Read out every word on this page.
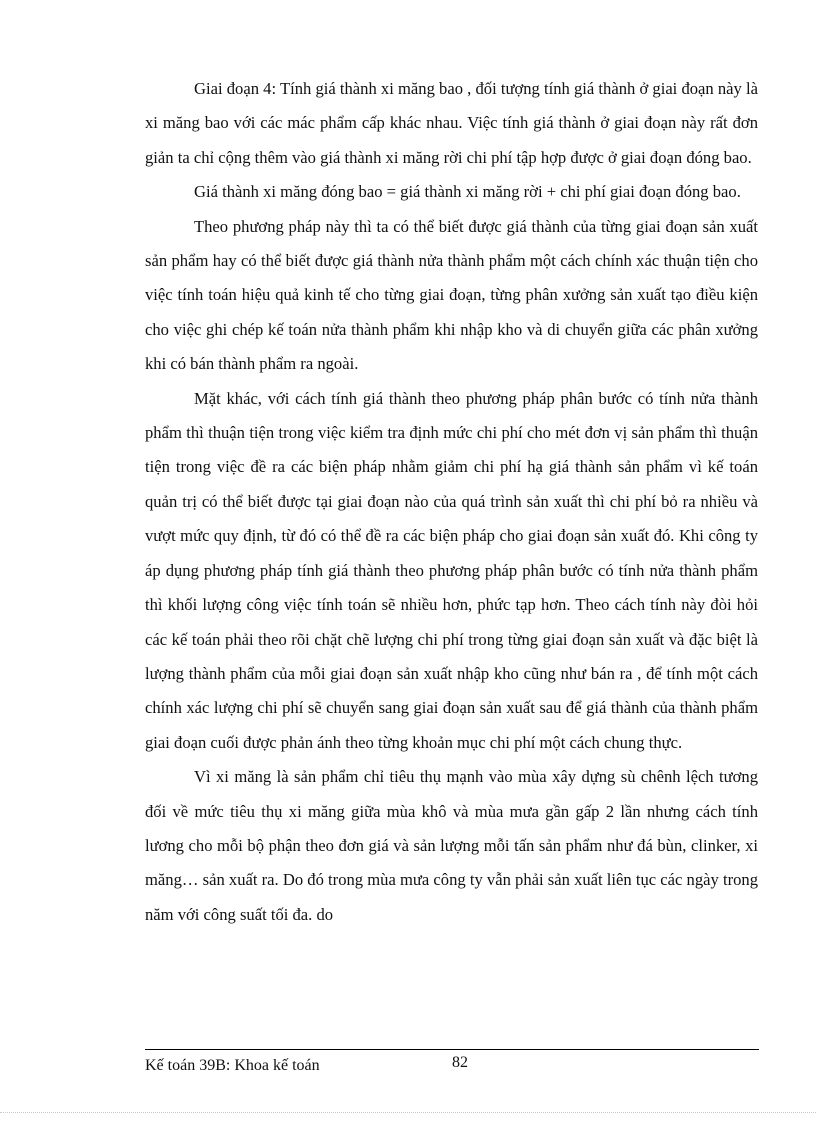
Giai đoạn 4: Tính giá thành xi măng bao , đối tượng tính giá thành ở giai đoạn này là xi măng bao với các mác phẩm cấp khác nhau. Việc tính giá thành ở giai đoạn này rất đơn giản ta chỉ cộng thêm vào giá thành xi măng rời chi phí tập hợp được ở giai đoạn đóng bao.

Giá thành xi măng đóng bao = giá thành xi măng rời + chi phí giai đoạn đóng bao.

Theo phương pháp này thì ta có thể biết được giá thành của từng giai đoạn sản xuất sản phẩm hay có thể biết được giá thành nửa thành phẩm một cách chính xác thuận tiện cho việc tính toán hiệu quả kinh tế cho từng giai đoạn, từng phân xưởng sản xuất tạo điều kiện cho việc ghi chép kế toán nửa thành phẩm khi nhập kho và di chuyển giữa các phân xưởng khi có bán thành phẩm ra ngoài.

Mặt khác, với cách tính giá thành theo phương pháp phân bước có tính nửa thành phẩm thì thuận tiện trong việc kiểm tra định mức chi phí cho mét đơn vị sản phẩm thì thuận tiện trong việc đề ra các biện pháp nhằm giảm chi phí hạ giá thành sản phẩm vì kế toán quản trị có thể biết được tại giai đoạn nào của quá trình sản xuất thì chi phí bỏ ra nhiều và vượt mức quy định, từ đó có thể đề ra các biện pháp cho giai đoạn sản xuất đó. Khi công ty áp dụng phương pháp tính giá thành theo phương pháp phân bước có tính nửa thành phẩm thì khối lượng công việc tính toán sẽ nhiều hơn, phức tạp hơn. Theo cách tính này đòi hỏi các kế toán phải theo rõi chặt chẽ lượng chi phí trong từng giai đoạn sản xuất và đặc biệt là lượng thành phẩm của mỗi giai đoạn sản xuất nhập kho cũng như bán ra , để tính một cách chính xác lượng chi phí sẽ chuyển sang giai đoạn sản xuất sau để giá thành của thành phẩm giai đoạn cuối được phản ánh theo từng khoản mục chi phí một cách chung thực.

Vì xi măng là sản phẩm chỉ tiêu thụ mạnh vào mùa xây dựng sù chênh lệch tương đối về mức tiêu thụ xi măng giữa mùa khô và mùa mưa gần gấp 2 lần nhưng cách tính lương cho mỗi bộ phận theo đơn giá và sản lượng mỗi tấn sản phẩm như đá bùn, clinker, xi măng… sản xuất ra. Do đó trong mùa mưa công ty vẫn phải sản xuất liên tục các ngày trong năm với công suất tối đa. do

Kế toán 39B: Khoa kế toán	82
